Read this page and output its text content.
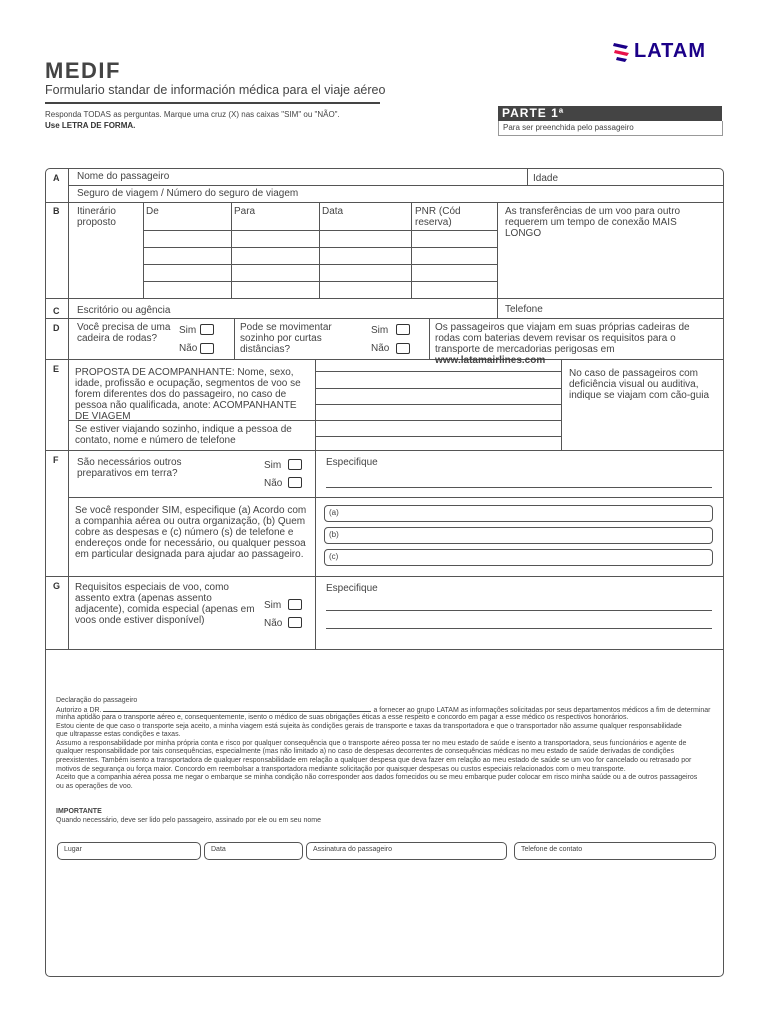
MEDIF
Formulario standar de información médica para el viaje aéreo
Responda TODAS as perguntas. Marque uma cruz (X) nas caixas "SIM" ou "NÃO".
Use LETRA DE FORMA.
LATAM
PARTE 1ª
Para ser preenchida pelo passageiro
A Nome do passageiro	Idade
Seguro de viagem / Número do seguro de viagem
B Itinerário proposto
De	Para	Data	PNR (Cód reserva)
As transferências de um voo para outro requerem um tempo de conexão MAIS LONGO
C Escritório ou agência	Telefone
D Você precisa de uma cadeira de rodas?
Sim
Não
Pode se movimentar sozinho por curtas distâncias?
Sim
Não
Os passageiros que viajam em suas próprias cadeiras de rodas com baterias devem revisar os requisitos para o transporte de mercadorias perigosas em www.latamairlines.com
E PROPOSTA DE ACOMPANHANTE: Nome, sexo, idade, profissão e ocupação, segmentos de voo se forem diferentes dos do passageiro, no caso de pessoa não qualificada, anote: ACOMPANHANTE DE VIAGEM
Se estiver viajando sozinho, indique a pessoa de contato, nome e número de telefone
No caso de passageiros com deficiência visual ou auditiva, indique se viajam com cão-guia
F São necessários outros preparativos em terra?
Sim
Não
Especifique
Se você responder SIM, especifique (a) Acordo com a companhia aérea ou outra organização, (b) Quem cobre as despesas e (c) número (s) de telefone e endereços onde for necessário, ou qualquer pessoa em particular designada para ajudar ao passageiro.
(a)
(b)
(c)
G Requisitos especiais de voo, como assento extra (apenas assento adjacente), comida especial (apenas em voos onde estiver disponível)
Sim
Não
Especifique
Declaração do passageiro
Autorizo a DR.	a fornecer ao grupo LATAM as informações solicitadas por seus departamentos médicos a fim de determinar
minha aptidão para o transporte aéreo e, consequentemente, isento o médico de suas obrigações éticas a esse respeito e concordo em pagar a esse médico os respectivos honorários.
Estou ciente de que caso o transporte seja aceito, a minha viagem está sujeita às condições gerais de transporte e taxas da transportadora e que o transportador não assume qualquer responsabilidade
que ultrapasse estas condições e taxas.
Assumo a responsabilidade por minha própria conta e risco por qualquer consequência que o transporte aéreo possa ter no meu estado de saúde e isento a transportadora, seus funcionários e agente de
qualquer responsabilidade por tais consequências, especialmente (mas não limitado a) no caso de despesas decorrentes de consequências médicas no meu estado de saúde derivadas de condições
preexistentes. Também isento a transportadora de qualquer responsabilidade em relação a qualquer despesa que deva fazer em relação ao meu estado de saúde se um voo for cancelado ou retrasado por
motivos de segurança ou força maior. Concordo em reembolsar a transportadora mediante solicitação por quaisquer despesas ou custos especiais relacionados com o meu transporte.
Aceito que a companhia aérea possa me negar o embarque se minha condição não corresponder aos dados fornecidos ou se meu embarque puder colocar em risco minha saúde ou a de outros passageiros
ou as operações de voo.
IMPORTANTE
Quando necessário, deve ser lido pelo passageiro, assinado por ele ou em seu nome
Lugar	Data	Assinatura do passageiro	Telefone de contato
